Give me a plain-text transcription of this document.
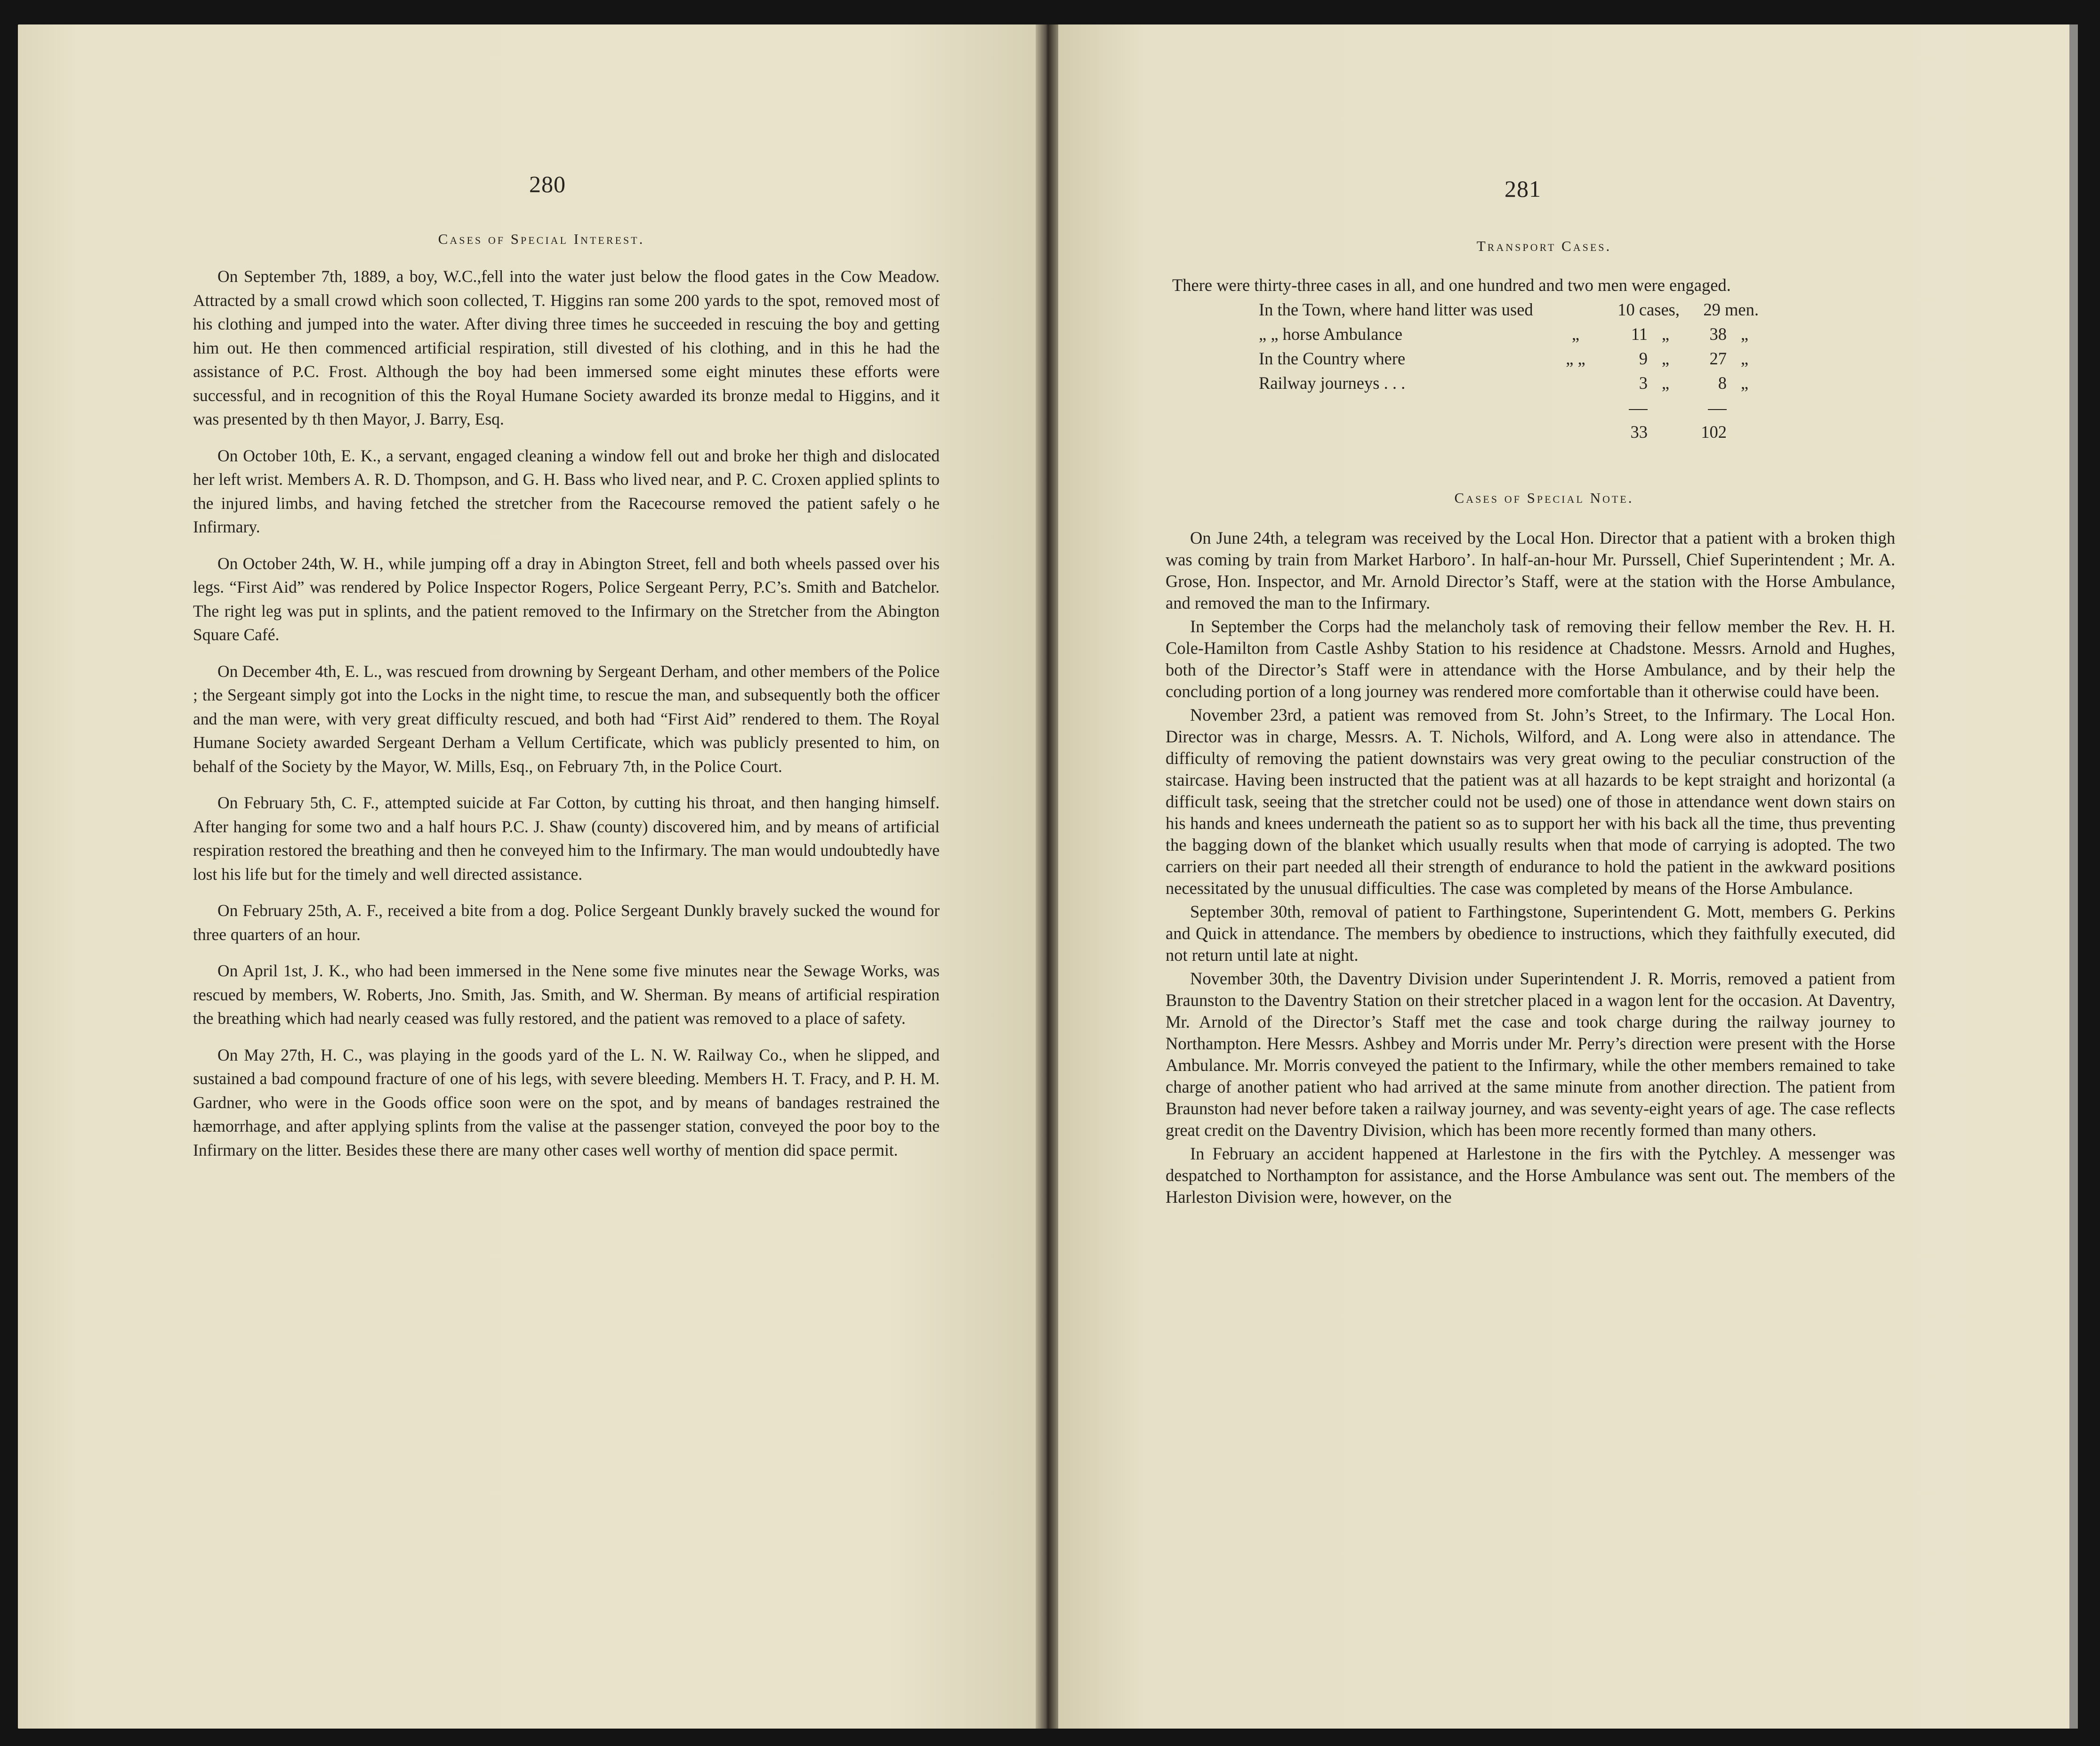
280
Cases of Special Interest.

On September 7th, 1889, a boy, W.C.,fell into the water just below the flood gates in the Cow Meadow. Attracted by a small crowd which soon collected, T. Higgins ran some 200 yards to the spot, removed most of his clothing and jumped into the water. After diving three times he succeeded in rescuing the boy and getting him out. He then commenced artificial respiration, still divested of his clothing, and in this he had the assistance of P.C. Frost. Although the boy had been immersed some eight minutes these efforts were successful, and in recognition of this the Royal Humane Society awarded its bronze medal to Higgins, and it was presented by th then Mayor, J. Barry, Esq.

On October 10th, E. K., a servant, engaged cleaning a window fell out and broke her thigh and dislocated her left wrist. Members A. R. D. Thompson, and G. H. Bass who lived near, and P. C. Croxen applied splints to the injured limbs, and having fetched the stretcher from the Racecourse removed the patient safely o he Infirmary.

On October 24th, W. H., while jumping off a dray in Abington Street, fell and both wheels passed over his legs. “First Aid” was rendered by Police Inspector Rogers, Police Sergeant Perry, P.C’s. Smith and Batchelor. The right leg was put in splints, and the patient removed to the Infirmary on the Stretcher from the Abington Square Café.

On December 4th, E. L., was rescued from drowning by Sergeant Derham, and other members of the Police ; the Sergeant simply got into the Locks in the night time, to rescue the man, and subsequently both the officer and the man were, with very great difficulty rescued, and both had “First Aid” rendered to them. The Royal Humane Society awarded Sergeant Derham a Vellum Certificate, which was publicly presented to him, on behalf of the Society by the Mayor, W. Mills, Esq., on February 7th, in the Police Court.

On February 5th, C. F., attempted suicide at Far Cotton, by cutting his throat, and then hanging himself. After hanging for some two and a half hours P.C. J. Shaw (county) discovered him, and by means of artificial respiration restored the breathing and then he conveyed him to the Infirmary. The man would undoubtedly have lost his life but for the timely and well directed assistance.

On February 25th, A. F., received a bite from a dog. Police Sergeant Dunkly bravely sucked the wound for three quarters of an hour.

On April 1st, J. K., who had been immersed in the Nene some five minutes near the Sewage Works, was rescued by members, W. Roberts, Jno. Smith, Jas. Smith, and W. Sherman. By means of artificial respiration the breathing which had nearly ceased was fully restored, and the patient was removed to a place of safety.

On May 27th, H. C., was playing in the goods yard of the L. N. W. Railway Co., when he slipped, and sustained a bad compound fracture of one of his legs, with severe bleeding. Members H. T. Fracy, and P. H. M. Gardner, who were in the Goods office soon were on the spot, and by means of bandages restrained the hæmorrhage, and after applying splints from the valise at the passenger station, conveyed the poor boy to the Infirmary on the litter. Besides these there are many other cases well worthy of mention did space permit.

281
Transport Cases.

There were thirty-three cases in all, and one hundred and two men were engaged.

In the Town, where hand litter was used		10 cases,		29 men.	
„ „ horse Ambulance	„	11	„	38	„
In the Country where	„ „	9	„	27	„
Railway journeys . . .		3	„	8	„

		33		102	
Cases of Special Note.

On June 24th, a telegram was received by the Local Hon. Director that a patient with a broken thigh was coming by train from Market Harboro’. In half-an-hour Mr. Purssell, Chief Superintendent ; Mr. A. Grose, Hon. Inspector, and Mr. Arnold Director’s Staff, were at the station with the Horse Ambulance, and removed the man to the Infirmary.

In September the Corps had the melancholy task of removing their fellow member the Rev. H. H. Cole-Hamilton from Castle Ashby Station to his residence at Chadstone. Messrs. Arnold and Hughes, both of the Director’s Staff were in attendance with the Horse Ambulance, and by their help the concluding portion of a long journey was rendered more comfortable than it otherwise could have been.

November 23rd, a patient was removed from St. John’s Street, to the Infirmary. The Local Hon. Director was in charge, Messrs. A. T. Nichols, Wilford, and A. Long were also in attendance. The difficulty of removing the patient downstairs was very great owing to the peculiar construction of the staircase. Having been instructed that the patient was at all hazards to be kept straight and horizontal (a difficult task, seeing that the stretcher could not be used) one of those in attendance went down stairs on his hands and knees underneath the patient so as to support her with his back all the time, thus preventing the bagging down of the blanket which usually results when that mode of carrying is adopted. The two carriers on their part needed all their strength of endurance to hold the patient in the awkward positions necessitated by the unusual difficulties. The case was completed by means of the Horse Ambulance.

September 30th, removal of patient to Farthingstone, Superintendent G. Mott, members G. Perkins and Quick in attendance. The members by obedience to instructions, which they faithfully executed, did not return until late at night.

November 30th, the Daventry Division under Superintendent J. R. Morris, removed a patient from Braunston to the Daventry Station on their stretcher placed in a wagon lent for the occasion. At Daventry, Mr. Arnold of the Director’s Staff met the case and took charge during the railway journey to Northampton. Here Messrs. Ashbey and Morris under Mr. Perry’s direction were present with the Horse Ambulance. Mr. Morris conveyed the patient to the Infirmary, while the other members remained to take charge of another patient who had arrived at the same minute from another direction. The patient from Braunston had never before taken a railway journey, and was seventy-eight years of age. The case reflects great credit on the Daventry Division, which has been more recently formed than many others.

In February an accident happened at Harlestone in the firs with the Pytchley. A messenger was despatched to Northampton for assistance, and the Horse Ambulance was sent out. The members of the Harleston Division were, however, on the
